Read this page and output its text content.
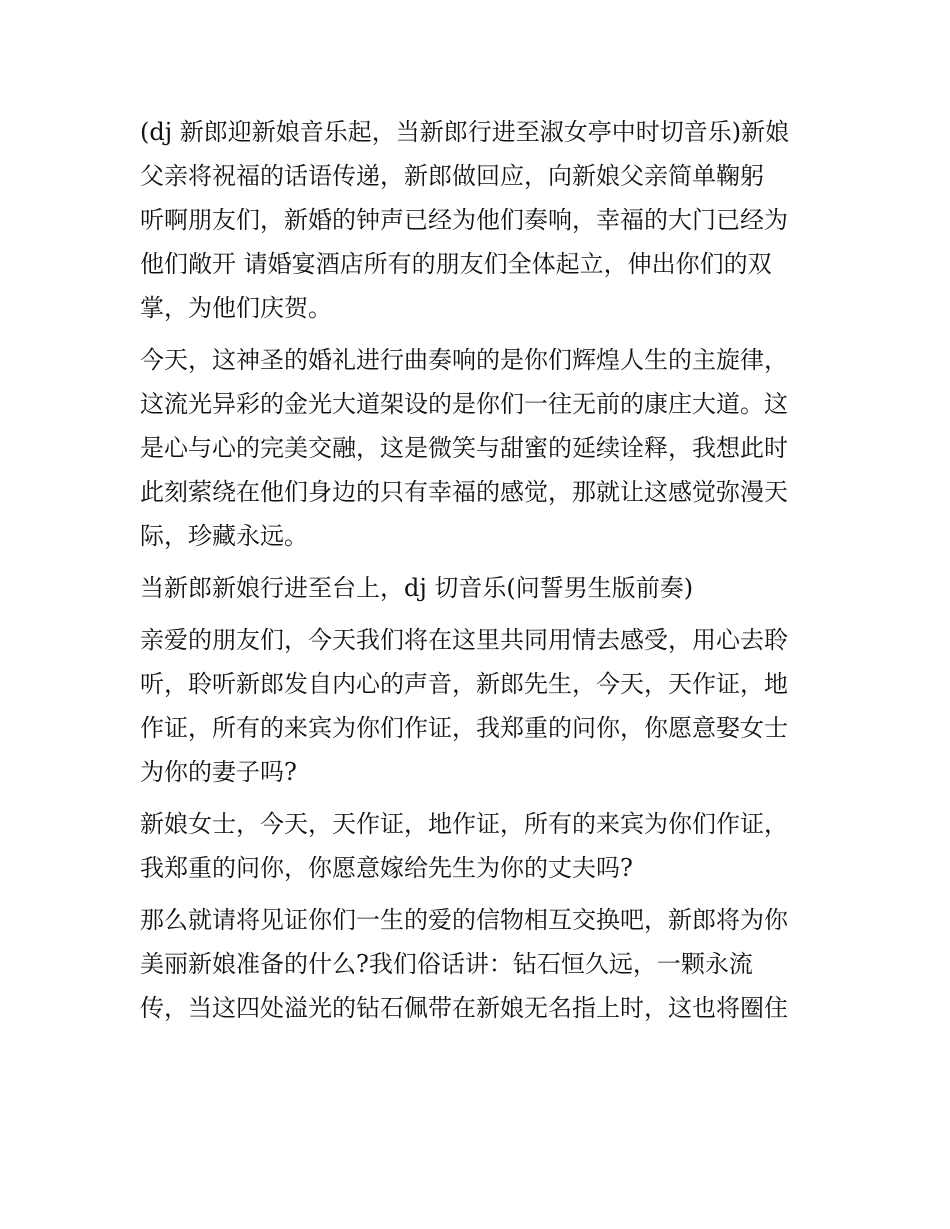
(dj 新郎迎新娘音乐起，当新郎行进至淑女亭中时切音乐)新娘
父亲将祝福的话语传递，新郎做回应，向新娘父亲简单鞠躬
听啊朋友们，新婚的钟声已经为他们奏响，幸福的大门已经为
他们敞开 请婚宴酒店所有的朋友们全体起立，伸出你们的双
掌，为他们庆贺。
今天，这神圣的婚礼进行曲奏响的是你们辉煌人生的主旋律，
这流光异彩的金光大道架设的是你们一往无前的康庄大道。这
是心与心的完美交融，这是微笑与甜蜜的延续诠释，我想此时
此刻萦绕在他们身边的只有幸福的感觉，那就让这感觉弥漫天
际，珍藏永远。
当新郎新娘行进至台上，dj 切音乐(问誓男生版前奏)
亲爱的朋友们，今天我们将在这里共同用情去感受，用心去聆
听，聆听新郎发自内心的声音，新郎先生，今天，天作证，地
作证，所有的来宾为你们作证，我郑重的问你，你愿意娶女士
为你的妻子吗?
新娘女士，今天，天作证，地作证，所有的来宾为你们作证，
我郑重的问你，你愿意嫁给先生为你的丈夫吗?
那么就请将见证你们一生的爱的信物相互交换吧，新郎将为你
美丽新娘准备的什么?我们俗话讲：钻石恒久远，一颗永流
传，当这四处溢光的钻石佩带在新娘无名指上时，这也将圈住
